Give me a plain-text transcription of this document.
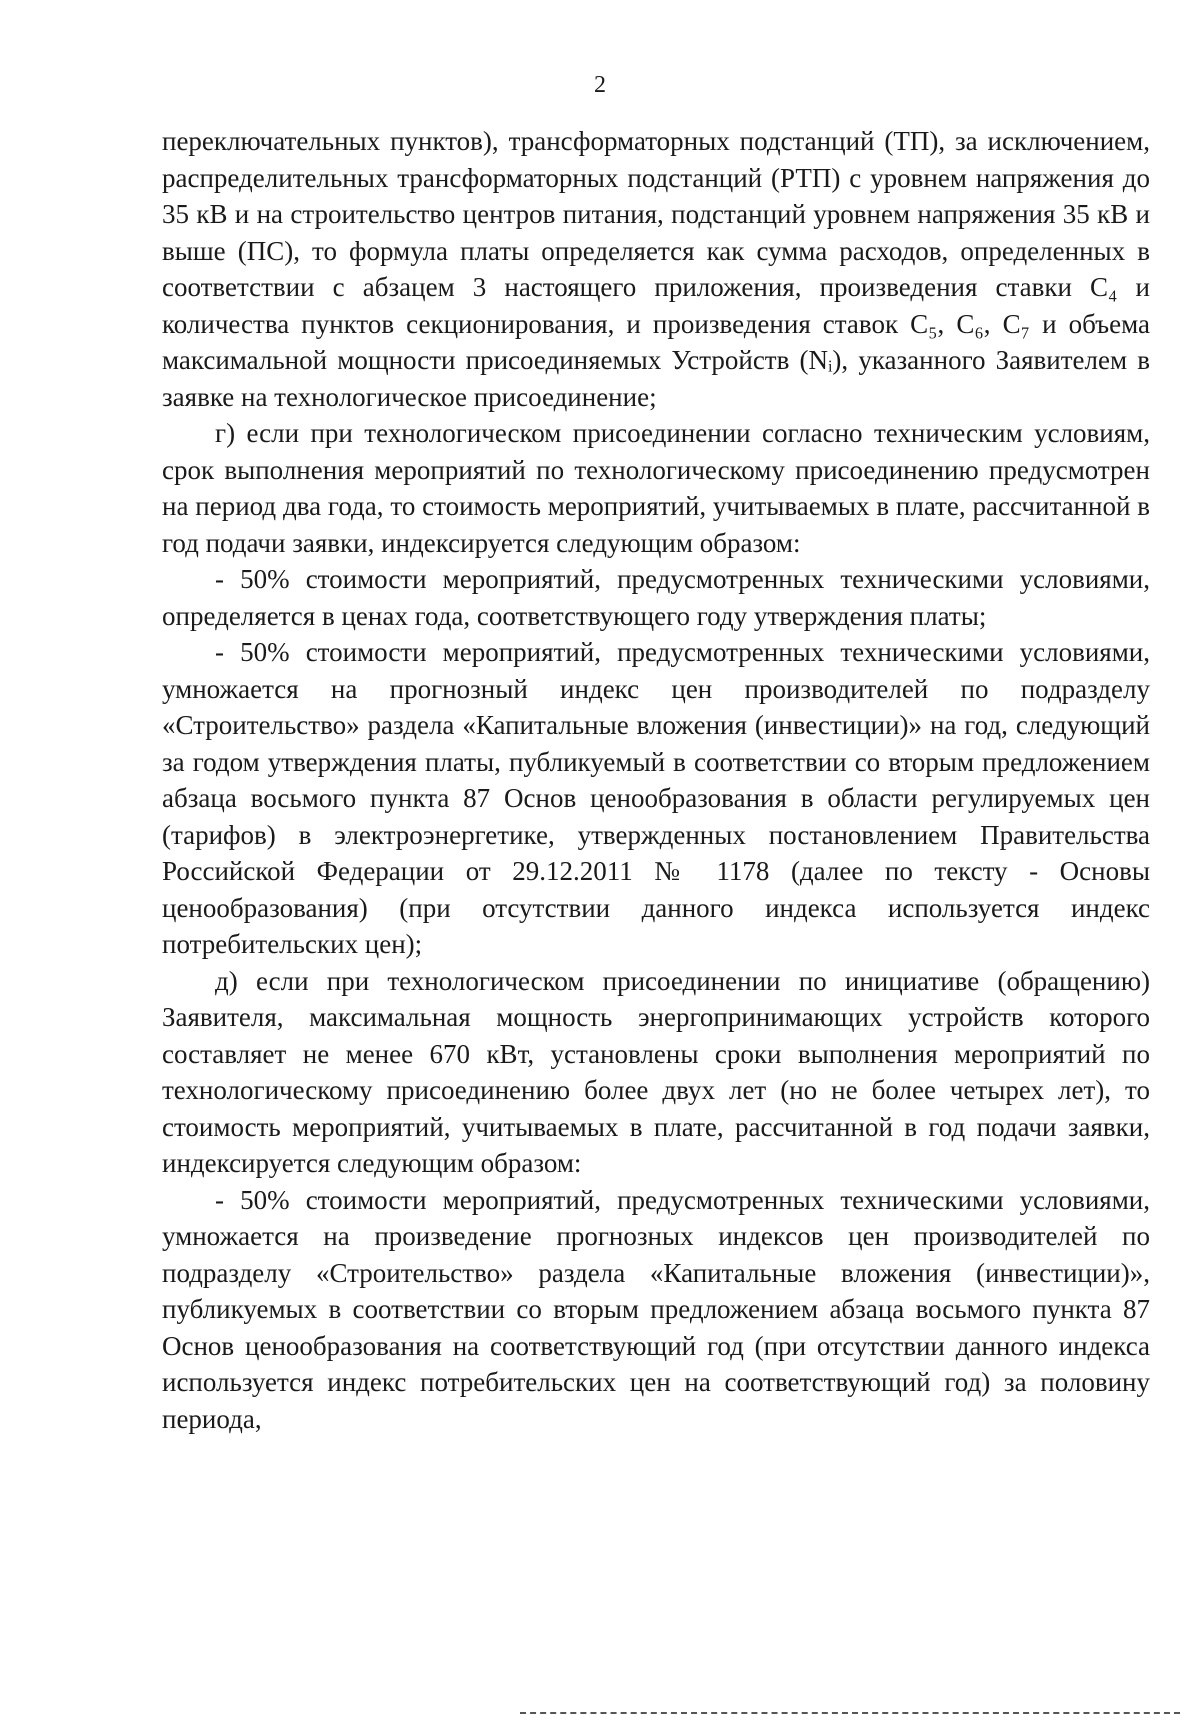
2

переключательных пунктов), трансформаторных подстанций (ТП), за исключением, распределительных трансформаторных подстанций (РТП) с уровнем напряжения до 35 кВ и на строительство центров питания, подстанций уровнем напряжения 35 кВ и выше (ПС), то формула платы определяется как сумма расходов, определенных в соответствии с абзацем 3 настоящего приложения, произведения ставки C₄ и количества пунктов секционирования, и произведения ставок C₅, C₆, C₇ и объема максимальной мощности присоединяемых Устройств (Nᵢ), указанного Заявителем в заявке на технологическое присоединение;

г) если при технологическом присоединении согласно техническим условиям, срок выполнения мероприятий по технологическому присоединению предусмотрен на период два года, то стоимость мероприятий, учитываемых в плате, рассчитанной в год подачи заявки, индексируется следующим образом:

- 50% стоимости мероприятий, предусмотренных техническими условиями, определяется в ценах года, соответствующего году утверждения платы;

- 50% стоимости мероприятий, предусмотренных техническими условиями, умножается на прогнозный индекс цен производителей по подразделу «Строительство» раздела «Капитальные вложения (инвестиции)» на год, следующий за годом утверждения платы, публикуемый в соответствии со вторым предложением абзаца восьмого пункта 87 Основ ценообразования в области регулируемых цен (тарифов) в электроэнергетике, утвержденных постановлением Правительства Российской Федерации от 29.12.2011 № 1178 (далее по тексту - Основы ценообразования) (при отсутствии данного индекса используется индекс потребительских цен);

д) если при технологическом присоединении по инициативе (обращению) Заявителя, максимальная мощность энергопринимающих устройств которого составляет не менее 670 кВт, установлены сроки выполнения мероприятий по технологическому присоединению более двух лет (но не более четырех лет), то стоимость мероприятий, учитываемых в плате, рассчитанной в год подачи заявки, индексируется следующим образом:

- 50% стоимости мероприятий, предусмотренных техническими условиями, умножается на произведение прогнозных индексов цен производителей по подразделу «Строительство» раздела «Капитальные вложения (инвестиции)», публикуемых в соответствии со вторым предложением абзаца восьмого пункта 87 Основ ценообразования на соответствующий год (при отсутствии данного индекса используется индекс потребительских цен на соответствующий год) за половину периода,
